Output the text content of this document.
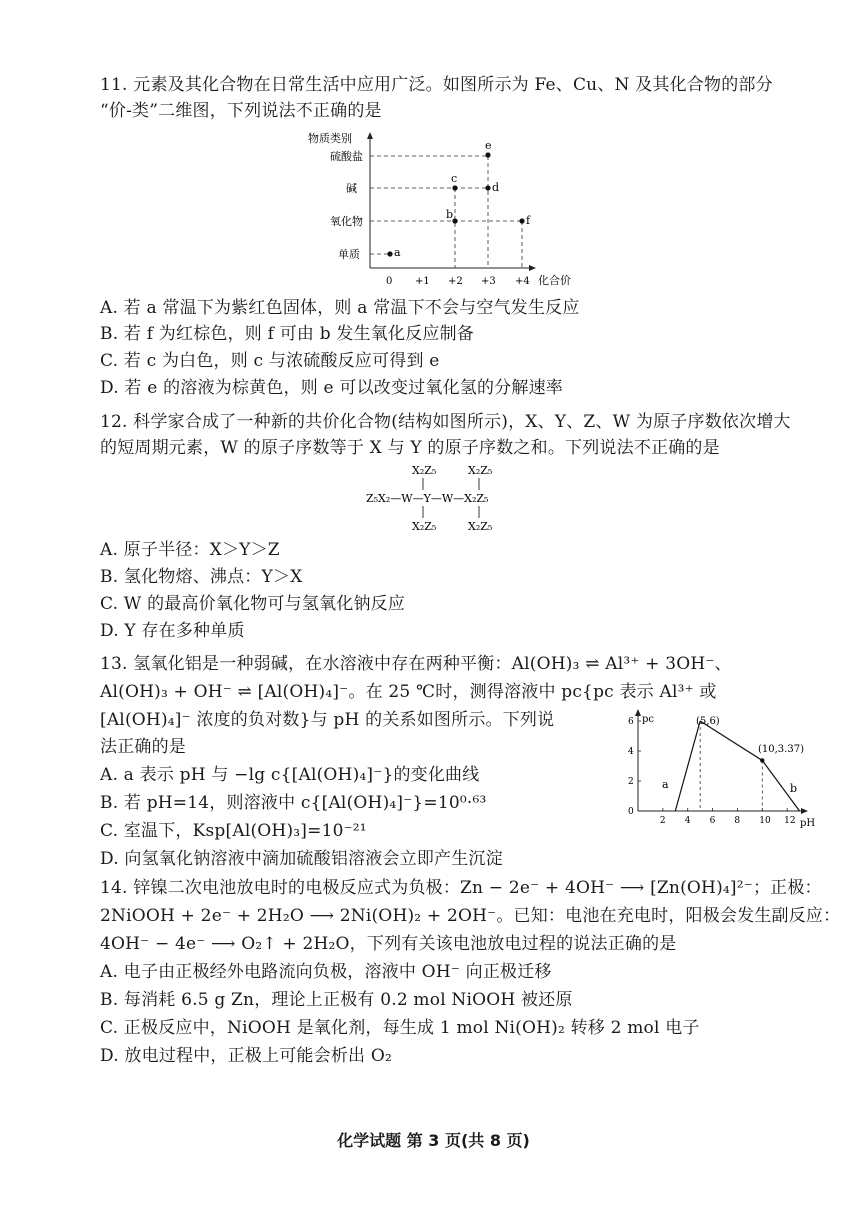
11. 元素及其化合物在日常生活中应用广泛。如图所示为 Fe、Cu、N 及其化合物的部分
“价-类”二维图，下列说法不正确的是
物质类别
硫酸盐
碱
氧化物
单质	a
b
c
d
e
f
0 +1 +2 +3 +4 化合价
A. 若 a 常温下为紫红色固体，则 a 常温下不会与空气发生反应
B. 若 f 为红棕色，则 f 可由 b 发生氧化反应制备
C. 若 c 为白色，则 c 与浓硫酸反应可得到 e
D. 若 e 的溶液为棕黄色，则 e 可以改变过氧化氢的分解速率
12. 科学家合成了一种新的共价化合物(结构如图所示)，X、Y、Z、W 为原子序数依次增大
的短周期元素，W 的原子序数等于 X 与 Y 的原子序数之和。下列说法不正确的是
X₂Z₅	X₂Z₅
Z₅X₂—W—Y—W—X₂Z₅
X₂Z₅	X₂Z₅
A. 原子半径：X＞Y＞Z
B. 氢化物熔、沸点：Y＞X
C. W 的最高价氧化物可与氢氧化钠反应
D. Y 存在多种单质
13. 氢氧化铝是一种弱碱，在水溶液中存在两种平衡：Al(OH)₃ ⇌ Al³⁺ + 3OH⁻、
Al(OH)₃ + OH⁻ ⇌ [Al(OH)₄]⁻。在 25 ℃时，测得溶液中 pc{pc 表示 Al³⁺ 或
[Al(OH)₄]⁻ 浓度的负对数}与 pH 的关系如图所示。下列说
法正确的是
pc
pH
2 4 6 8 10 12
0
2
4
6	(5,6)
(10,3.37)
a	b
A. a 表示 pH 与 −lg c{[Al(OH)₄]⁻}的变化曲线
B. 若 pH=14，则溶液中 c{[Al(OH)₄]⁻}=10⁰·⁶³
C. 室温下，Ksp[Al(OH)₃]=10⁻²¹
D. 向氢氧化钠溶液中滴加硫酸铝溶液会立即产生沉淀
14. 锌镍二次电池放电时的电极反应式为负极：Zn − 2e⁻ + 4OH⁻ ⟶ [Zn(OH)₄]²⁻；正极：
2NiOOH + 2e⁻ + 2H₂O ⟶ 2Ni(OH)₂ + 2OH⁻。已知：电池在充电时，阳极会发生副反应：
4OH⁻ − 4e⁻ ⟶ O₂↑ + 2H₂O，下列有关该电池放电过程的说法正确的是
A. 电子由正极经外电路流向负极，溶液中 OH⁻ 向正极迁移
B. 每消耗 6.5 g Zn，理论上正极有 0.2 mol NiOOH 被还原
C. 正极反应中，NiOOH 是氧化剂，每生成 1 mol Ni(OH)₂ 转移 2 mol 电子
D. 放电过程中，正极上可能会析出 O₂
化学试题 第 3 页(共 8 页)
